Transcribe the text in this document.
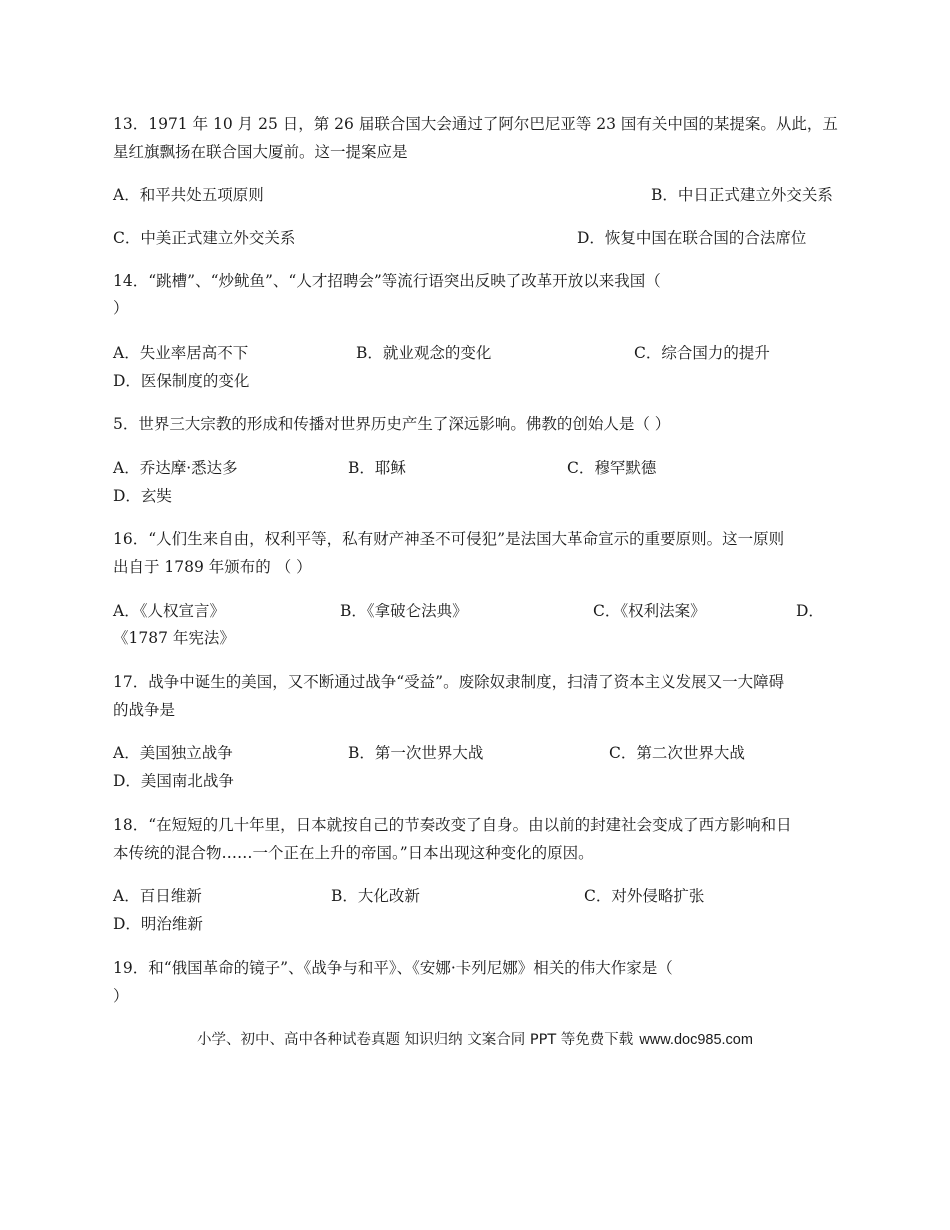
13．1971 年 10 月 25 日，第 26 届联合国大会通过了阿尔巴尼亚等 23 国有关中国的某提案。从此，五
星红旗飘扬在联合国大厦前。这一提案应是
A．和平共处五项原则	B．中日正式建立外交关系
C．中美正式建立外交关系	D．恢复中国在联合国的合法席位
14．“跳槽”、“炒鱿鱼”、“人才招聘会”等流行语突出反映了改革开放以来我国（
）
A．失业率居高不下	B．就业观念的变化	C．综合国力的提升
D．医保制度的变化
5．世界三大宗教的形成和传播对世界历史产生了深远影响。佛教的创始人是（ ）
A．乔达摩·悉达多	B．耶稣	C．穆罕默德
D．玄奘
16．“人们生来自由，权利平等，私有财产神圣不可侵犯”是法国大革命宣示的重要原则。这一原则
出自于 1789 年颁布的 （ ）
A．《人权宣言》	B．《拿破仑法典》	C．《权利法案》	D．
《1787 年宪法》
17．战争中诞生的美国，又不断通过战争“受益”。废除奴隶制度，扫清了资本主义发展又一大障碍
的战争是
A．美国独立战争	B．第一次世界大战	C．第二次世界大战
D．美国南北战争
18．“在短短的几十年里，日本就按自己的节奏改变了自身。由以前的封建社会变成了西方影响和日
本传统的混合物……一个正在上升的帝国。”日本出现这种变化的原因。
A．百日维新	B．大化改新	C．对外侵略扩张
D．明治维新
19．和“俄国革命的镜子”、《战争与和平》、《安娜·卡列尼娜》相关的伟大作家是（
）
小学、初中、高中各种试卷真题 知识归纳 文案合同 PPT 等免费下载 www.doc985.com
